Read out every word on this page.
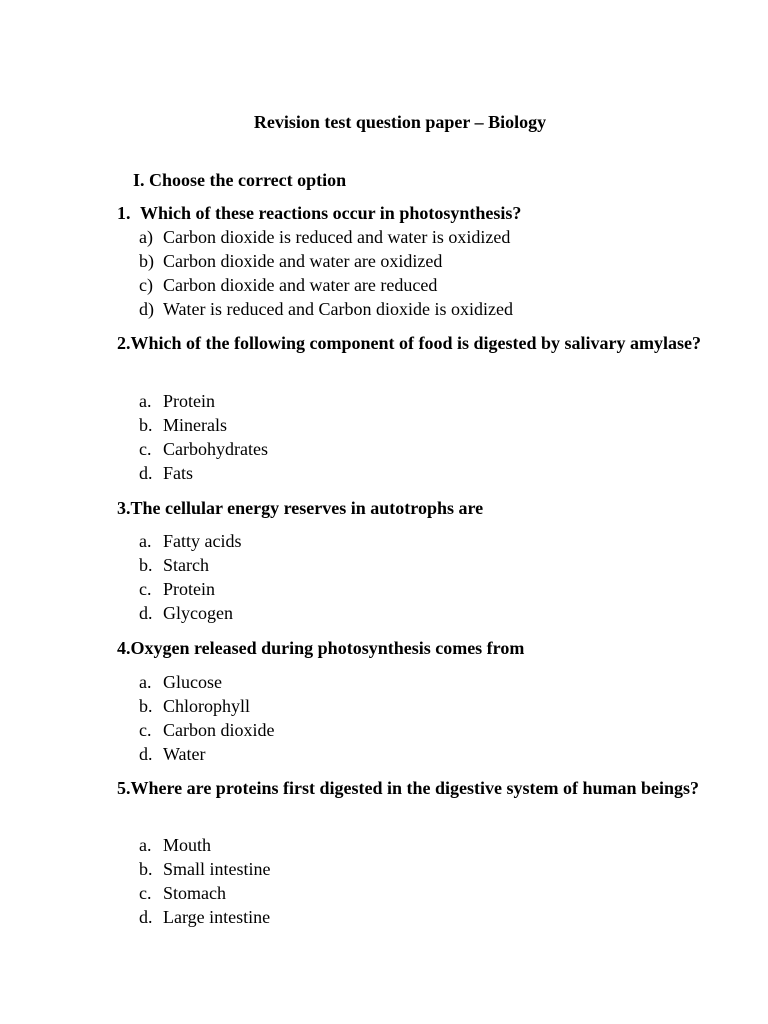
Revision test question paper – Biology
I. Choose the correct option
1. Which of these reactions occur in photosynthesis?
a) Carbon dioxide is reduced and water is oxidized
b) Carbon dioxide and water are oxidized
c) Carbon dioxide and water are reduced
d) Water is reduced and Carbon dioxide is oxidized
2.Which of the following component of food is digested by salivary amylase?
a. Protein
b. Minerals
c. Carbohydrates
d. Fats
3.The cellular energy reserves in autotrophs are
a. Fatty acids
b. Starch
c. Protein
d. Glycogen
4.Oxygen released during photosynthesis comes from
a. Glucose
b. Chlorophyll
c. Carbon dioxide
d. Water
5.Where are proteins first digested in the digestive system of human beings?
a. Mouth
b. Small intestine
c. Stomach
d. Large intestine
